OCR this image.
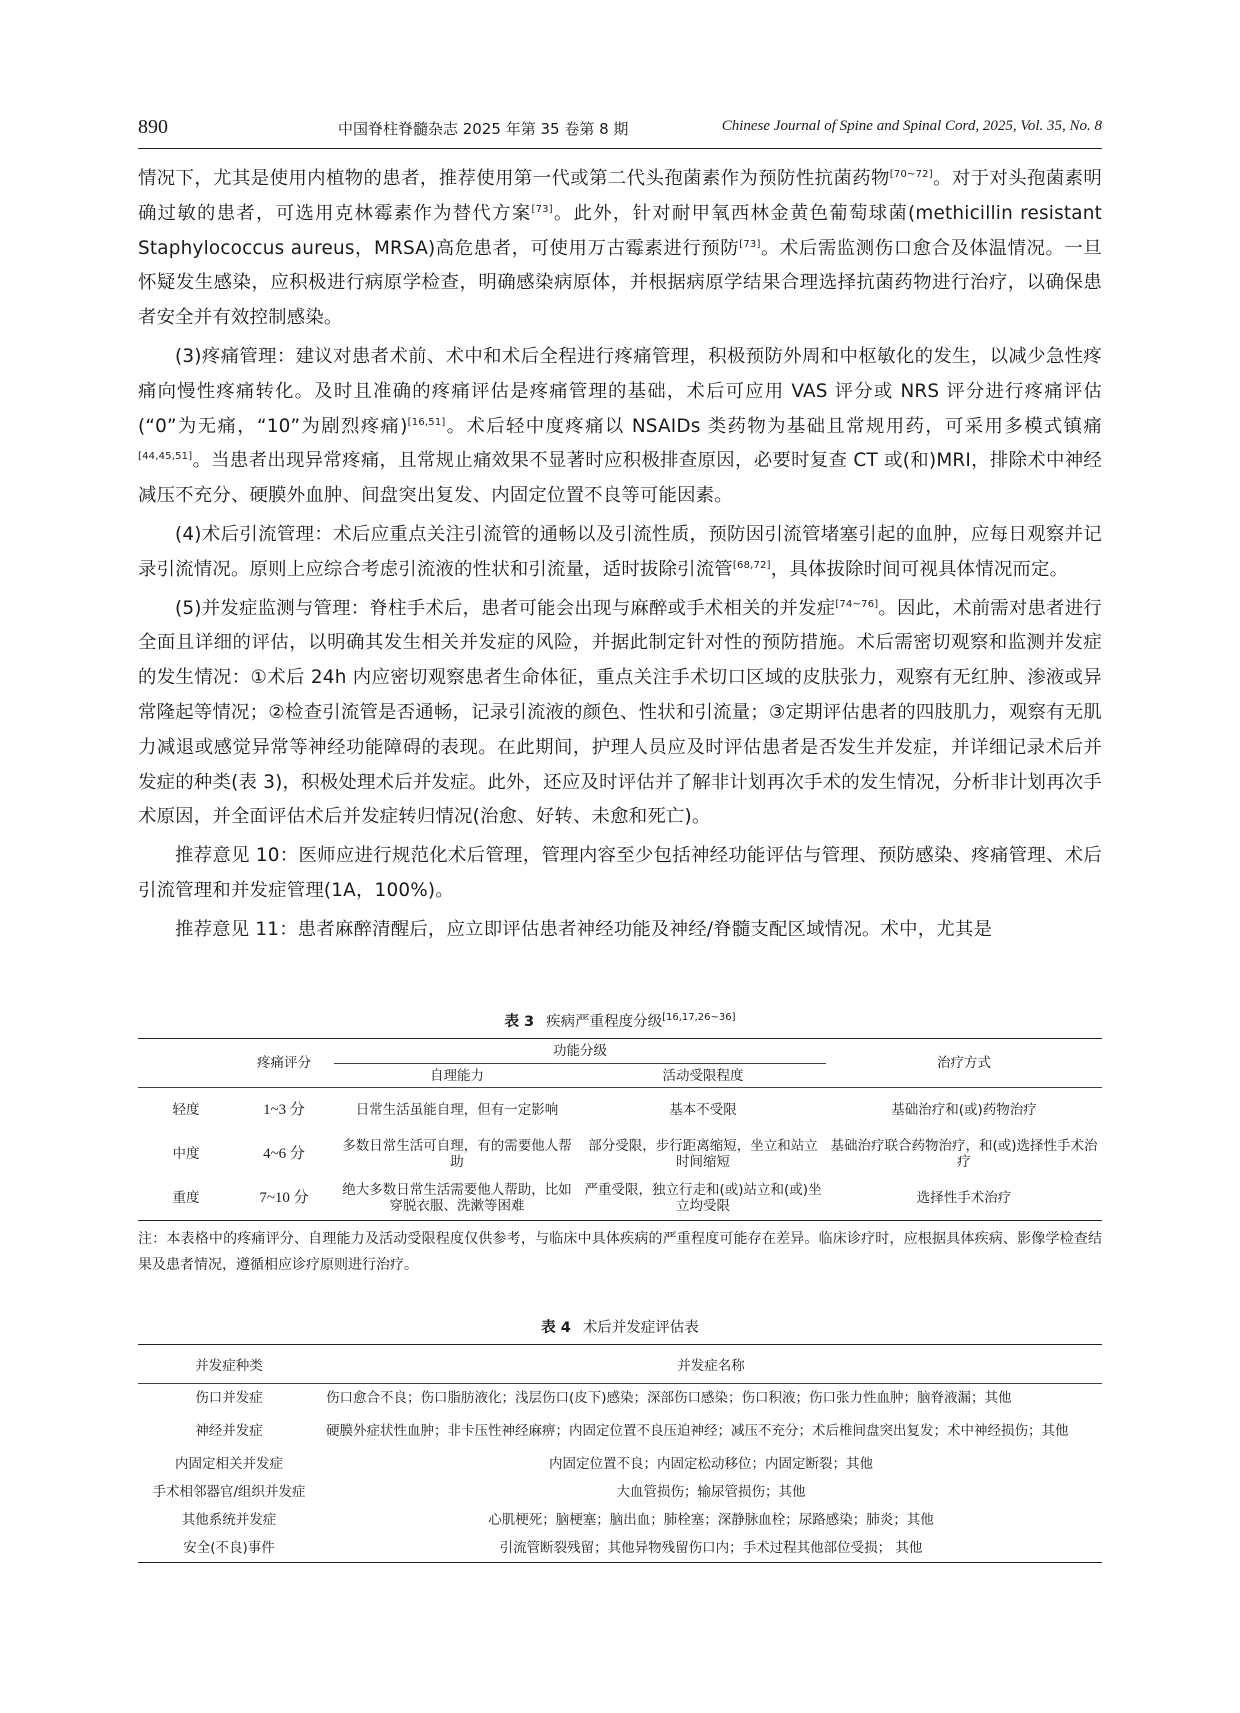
890	中国脊柱脊髓杂志 2025 年第 35 卷第 8 期	Chinese Journal of Spine and Spinal Cord, 2025, Vol. 35, No. 8

情况下，尤其是使用内植物的患者，推荐使用第一代或第二代头孢菌素作为预防性抗菌药物[70~72]。对于对头孢菌素明确过敏的患者，可选用克林霉素作为替代方案[73]。此外，针对耐甲氧西林金黄色葡萄球菌(methicillin resistant Staphylococcus aureus，MRSA)高危患者，可使用万古霉素进行预防[73]。术后需监测伤口愈合及体温情况。一旦怀疑发生感染，应积极进行病原学检查，明确感染病原体，并根据病原学结果合理选择抗菌药物进行治疗，以确保患者安全并有效控制感染。

(3)疼痛管理：建议对患者术前、术中和术后全程进行疼痛管理，积极预防外周和中枢敏化的发生，以减少急性疼痛向慢性疼痛转化。及时且准确的疼痛评估是疼痛管理的基础，术后可应用 VAS 评分或 NRS 评分进行疼痛评估(“0”为无痛，“10”为剧烈疼痛)[16,51]。术后轻中度疼痛以 NSAIDs 类药物为基础且常规用药，可采用多模式镇痛[44,45,51]。当患者出现异常疼痛，且常规止痛效果不显著时应积极排查原因，必要时复查 CT 或(和)MRI，排除术中神经减压不充分、硬膜外血肿、间盘突出复发、内固定位置不良等可能因素。

(4)术后引流管理：术后应重点关注引流管的通畅以及引流性质，预防因引流管堵塞引起的血肿，应每日观察并记录引流情况。原则上应综合考虑引流液的性状和引流量，适时拔除引流管[68,72]，具体拔除时间可视具体情况而定。

(5)并发症监测与管理：脊柱手术后，患者可能会出现与麻醉或手术相关的并发症[74~76]。因此，术前需对患者进行全面且详细的评估，以明确其发生相关并发症的风险，并据此制定针对性的预防措施。术后需密切观察和监测并发症的发生情况：①术后 24h 内应密切观察患者生命体征，重点关注手术切口区域的皮肤张力，观察有无红肿、渗液或异常隆起等情况；②检查引流管是否通畅，记录引流液的颜色、性状和引流量；③定期评估患者的四肢肌力，观察有无肌力减退或感觉异常等神经功能障碍的表现。在此期间，护理人员应及时评估患者是否发生并发症，并详细记录术后并发症的种类(表 3)，积极处理术后并发症。此外，还应及时评估并了解非计划再次手术的发生情况，分析非计划再次手术原因，并全面评估术后并发症转归情况(治愈、好转、未愈和死亡)。

推荐意见 10：医师应进行规范化术后管理，管理内容至少包括神经功能评估与管理、预防感染、疼痛管理、术后引流管理和并发症管理(1A，100%)。

推荐意见 11：患者麻醉清醒后，应立即评估患者神经功能及神经/脊髓支配区域情况。术中，尤其是

表 3 疾病严重程度分级[16,17,26~36]
	疼痛评分	功能分级		治疗方式
		自理能力	活动受限程度	
轻度	1~3 分	日常生活虽能自理，但有一定影响	基本不受限	基础治疗和(或)药物治疗
中度	4~6 分	多数日常生活可自理，有的需要他人帮助	部分受限，步行距离缩短，坐立和站立时间缩短	基础治疗联合药物治疗，和(或)选择性手术治疗
重度	7~10 分	绝大多数日常生活需要他人帮助，比如穿脱衣服、洗漱等困难	严重受限，独立行走和(或)站立和(或)坐立均受限	选择性手术治疗
注：本表格中的疼痛评分、自理能力及活动受限程度仅供参考，与临床中具体疾病的严重程度可能存在差异。临床诊疗时，应根据具体疾病、影像学检查结果及患者情况，遵循相应诊疗原则进行治疗。
表 4 术后并发症评估表
并发症种类	并发症名称
伤口并发症	伤口愈合不良；伤口脂肪液化；浅层伤口(皮下)感染；深部伤口感染；伤口积液；伤口张力性血肿；脑脊液漏；其他
神经并发症	硬膜外症状性血肿；非卡压性神经麻痹；内固定位置不良压迫神经；减压不充分；术后椎间盘突出复发；术中神经损伤；其他
内固定相关并发症	内固定位置不良；内固定松动移位；内固定断裂；其他
手术相邻器官/组织并发症	大血管损伤；输尿管损伤；其他
其他系统并发症	心肌梗死；脑梗塞；脑出血；肺栓塞；深静脉血栓；尿路感染；肺炎；其他
安全(不良)事件	引流管断裂残留；其他异物残留伤口内；手术过程其他部位受损； 其他
